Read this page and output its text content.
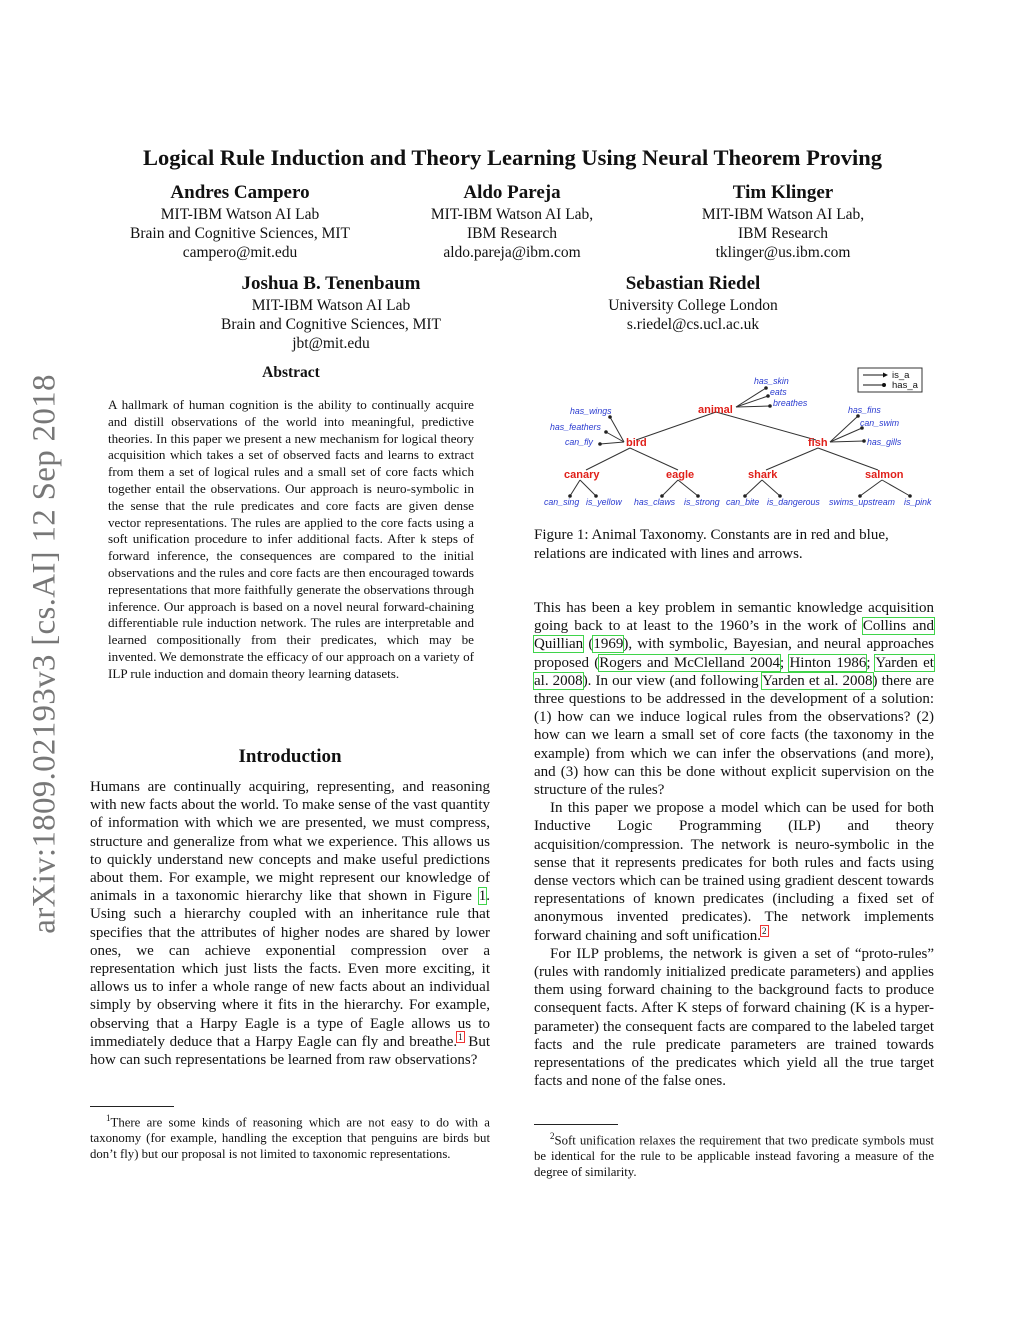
arXiv:1809.02193v3 [cs.AI] 12 Sep 2018
Logical Rule Induction and Theory Learning Using Neural Theorem Proving
Andres Campero
MIT-IBM Watson AI Lab
Brain and Cognitive Sciences, MIT
campero@mit.edu
Aldo Pareja
MIT-IBM Watson AI Lab,
IBM Research
aldo.pareja@ibm.com
Tim Klinger
MIT-IBM Watson AI Lab,
IBM Research
tklinger@us.ibm.com
Joshua B. Tenenbaum
MIT-IBM Watson AI Lab
Brain and Cognitive Sciences, MIT
jbt@mit.edu
Sebastian Riedel
University College London
s.riedel@cs.ucl.ac.uk
Abstract
A hallmark of human cognition is the ability to continually acquire and distill observations of the world into meaningful, predictive theories. In this paper we present a new mechanism for logical theory acquisition which takes a set of observed facts and learns to extract from them a set of logical rules and a small set of core facts which together entail the observations. Our approach is neuro-symbolic in the sense that the rule predicates and core facts are given dense vector representations. The rules are applied to the core facts using a soft unification procedure to infer additional facts. After k steps of forward inference, the consequences are compared to the initial observations and the rules and core facts are then encouraged towards representations that more faithfully generate the observations through inference. Our approach is based on a novel neural forward-chaining differentiable rule induction network. The rules are interpretable and learned compositionally from their predicates, which may be invented. We demonstrate the efficacy of our approach on a variety of ILP rule induction and domain theory learning datasets.
Introduction

Humans are continually acquiring, representing, and reasoning with new facts about the world. To make sense of the vast quantity of information with which we are presented, we must compress, structure and generalize from what we experience. This allows us to quickly understand new concepts and make useful predictions about them. For example, we might represent our knowledge of animals in a taxonomic hierarchy like that shown in Figure 1. Using such a hierarchy coupled with an inheritance rule that specifies that the attributes of higher nodes are shared by lower ones, we can achieve exponential compression over a representation which just lists the facts. Even more exciting, it allows us to infer a whole range of new facts about an individual simply by observing where it fits in the hierarchy. For example, observing that a Harpy Eagle is a type of Eagle allows us to immediately deduce that a Harpy Eagle can fly and breathe.$^1$ But how can such representations be learned from raw observations?

$^1$There are some kinds of reasoning which are not easy to do with a taxonomy (for example, handling the exception that penguins are birds but don’t fly) but our proposal is not limited to taxonomic representations.
is_a
has_a
animal
bird	fish
canary	eagle	shark	salmon
has_skin
eats
breathes
has_wings
has_feathers
can_fly
has_fins
can_swim
has_gills
can_sing is_yellow has_claws is_strong can_bite is_dangerous swims_upstream is_pink
Figure 1: Animal Taxonomy. Constants are in red and blue, relations are indicated with lines and arrows.

This has been a key problem in semantic knowledge acquisition going back to at least to the 1960’s in the work of Collins and Quillian (1969), with symbolic, Bayesian, and neural approaches proposed (Rogers and McClelland 2004; Hinton 1986; Yarden et al. 2008). In our view (and following Yarden et al. 2008) there are three questions to be addressed in the development of a solution: (1) how can we induce logical rules from the observations? (2) how can we learn a small set of core facts (the taxonomy in the example) from which we can infer the observations (and more), and (3) how can this be done without explicit supervision on the structure of the rules?

In this paper we propose a model which can be used for both Inductive Logic Programming (ILP) and theory acquisition/compression. The network is neuro-symbolic in the sense that it represents predicates for both rules and facts using dense vectors which can be trained using gradient descent towards representations of known predicates (including a fixed set of anonymous invented predicates). The network implements forward chaining and soft unification.$^2$

For ILP problems, the network is given a set of “proto-rules” (rules with randomly initialized predicate parameters) and applies them using forward chaining to the background facts to produce consequent facts. After K steps of forward chaining (K is a hyper-parameter) the consequent facts are compared to the labeled target facts and the rule predicate parameters are trained towards representations of the predicates which yield all the true target facts and none of the false ones.

$^2$Soft unification relaxes the requirement that two predicate symbols must be identical for the rule to be applicable instead favoring a measure of the degree of similarity.
